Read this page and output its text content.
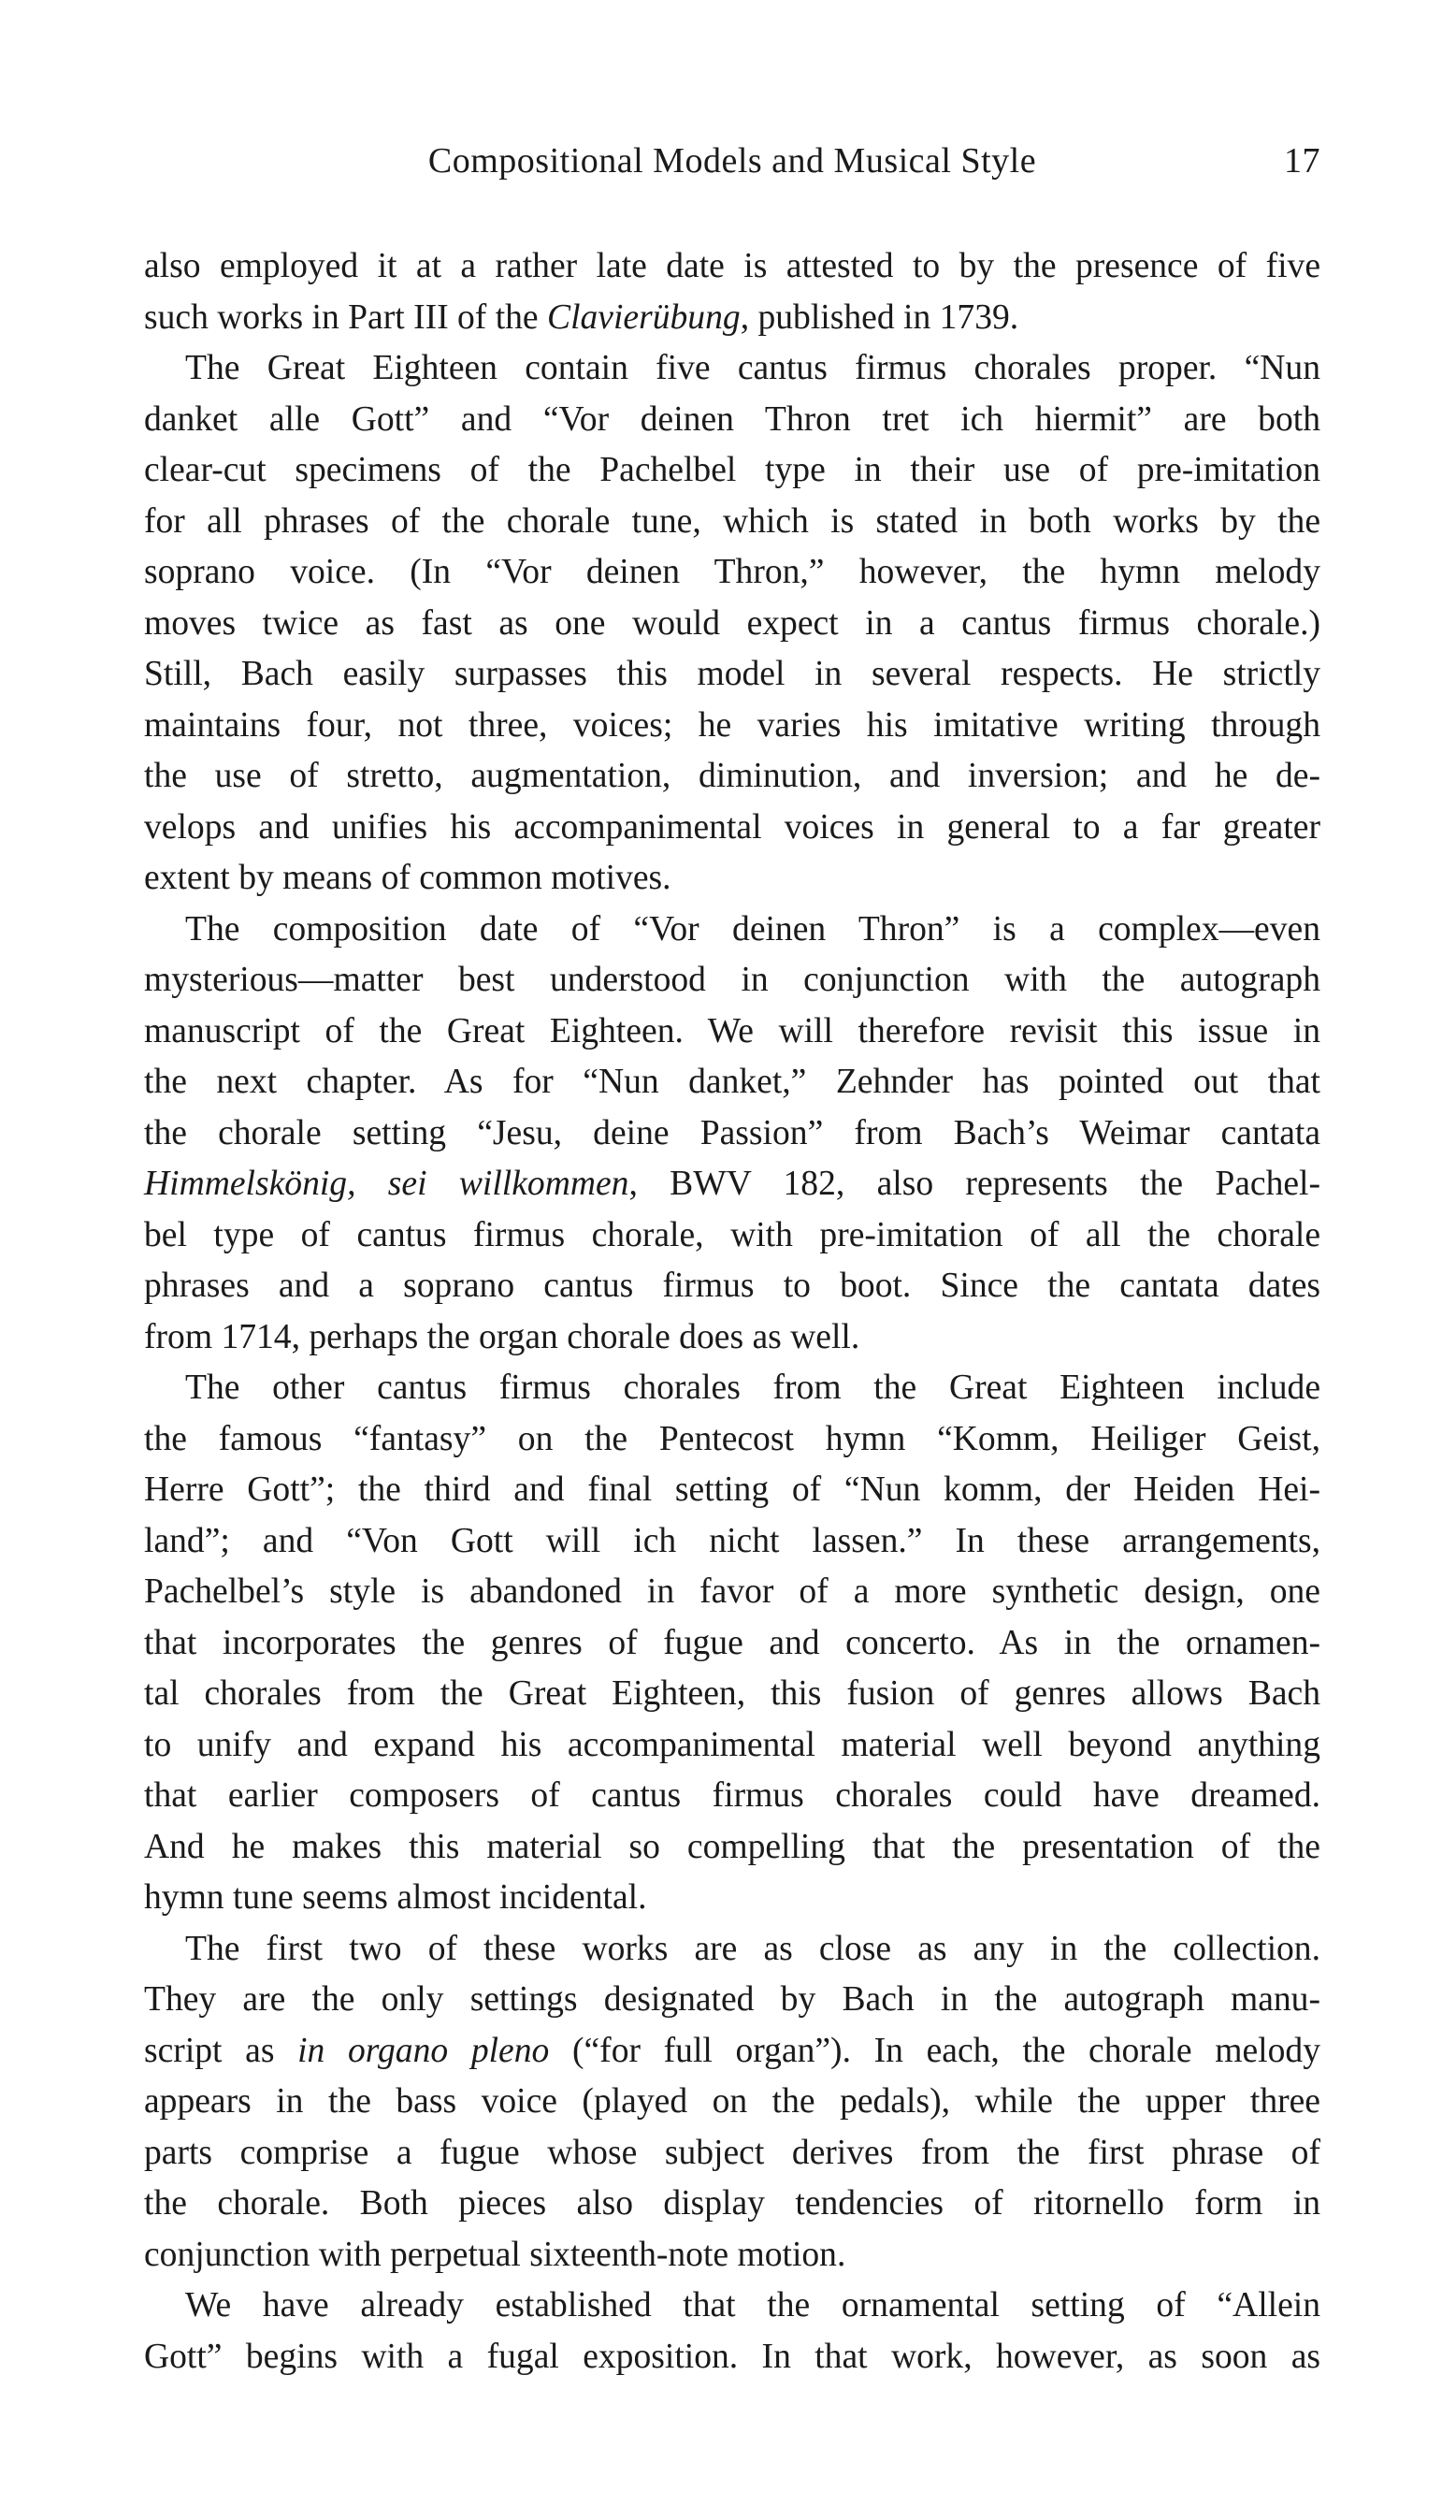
Compositional Models and Musical Style	17
also employed it at a rather late date is attested to by the presence of five
such works in Part III of the Clavierübung, published in 1739.
The Great Eighteen contain five cantus firmus chorales proper. “Nun
danket alle Gott” and “Vor deinen Thron tret ich hiermit” are both
clear-cut specimens of the Pachelbel type in their use of pre-imitation
for all phrases of the chorale tune, which is stated in both works by the
soprano voice. (In “Vor deinen Thron,” however, the hymn melody
moves twice as fast as one would expect in a cantus firmus chorale.)
Still, Bach easily surpasses this model in several respects. He strictly
maintains four, not three, voices; he varies his imitative writing through
the use of stretto, augmentation, diminution, and inversion; and he de-
velops and unifies his accompanimental voices in general to a far greater
extent by means of common motives.
The composition date of “Vor deinen Thron” is a complex—even
mysterious—matter best understood in conjunction with the autograph
manuscript of the Great Eighteen. We will therefore revisit this issue in
the next chapter. As for “Nun danket,” Zehnder has pointed out that
the chorale setting “Jesu, deine Passion” from Bach’s Weimar cantata
Himmelskönig, sei willkommen, BWV 182, also represents the Pachel-
bel type of cantus firmus chorale, with pre-imitation of all the chorale
phrases and a soprano cantus firmus to boot. Since the cantata dates
from 1714, perhaps the organ chorale does as well.
The other cantus firmus chorales from the Great Eighteen include
the famous “fantasy” on the Pentecost hymn “Komm, Heiliger Geist,
Herre Gott”; the third and final setting of “Nun komm, der Heiden Hei-
land”; and “Von Gott will ich nicht lassen.” In these arrangements,
Pachelbel’s style is abandoned in favor of a more synthetic design, one
that incorporates the genres of fugue and concerto. As in the ornamen-
tal chorales from the Great Eighteen, this fusion of genres allows Bach
to unify and expand his accompanimental material well beyond anything
that earlier composers of cantus firmus chorales could have dreamed.
And he makes this material so compelling that the presentation of the
hymn tune seems almost incidental.
The first two of these works are as close as any in the collection.
They are the only settings designated by Bach in the autograph manu-
script as in organo pleno (“for full organ”). In each, the chorale melody
appears in the bass voice (played on the pedals), while the upper three
parts comprise a fugue whose subject derives from the first phrase of
the chorale. Both pieces also display tendencies of ritornello form in
conjunction with perpetual sixteenth-note motion.
We have already established that the ornamental setting of “Allein
Gott” begins with a fugal exposition. In that work, however, as soon as
